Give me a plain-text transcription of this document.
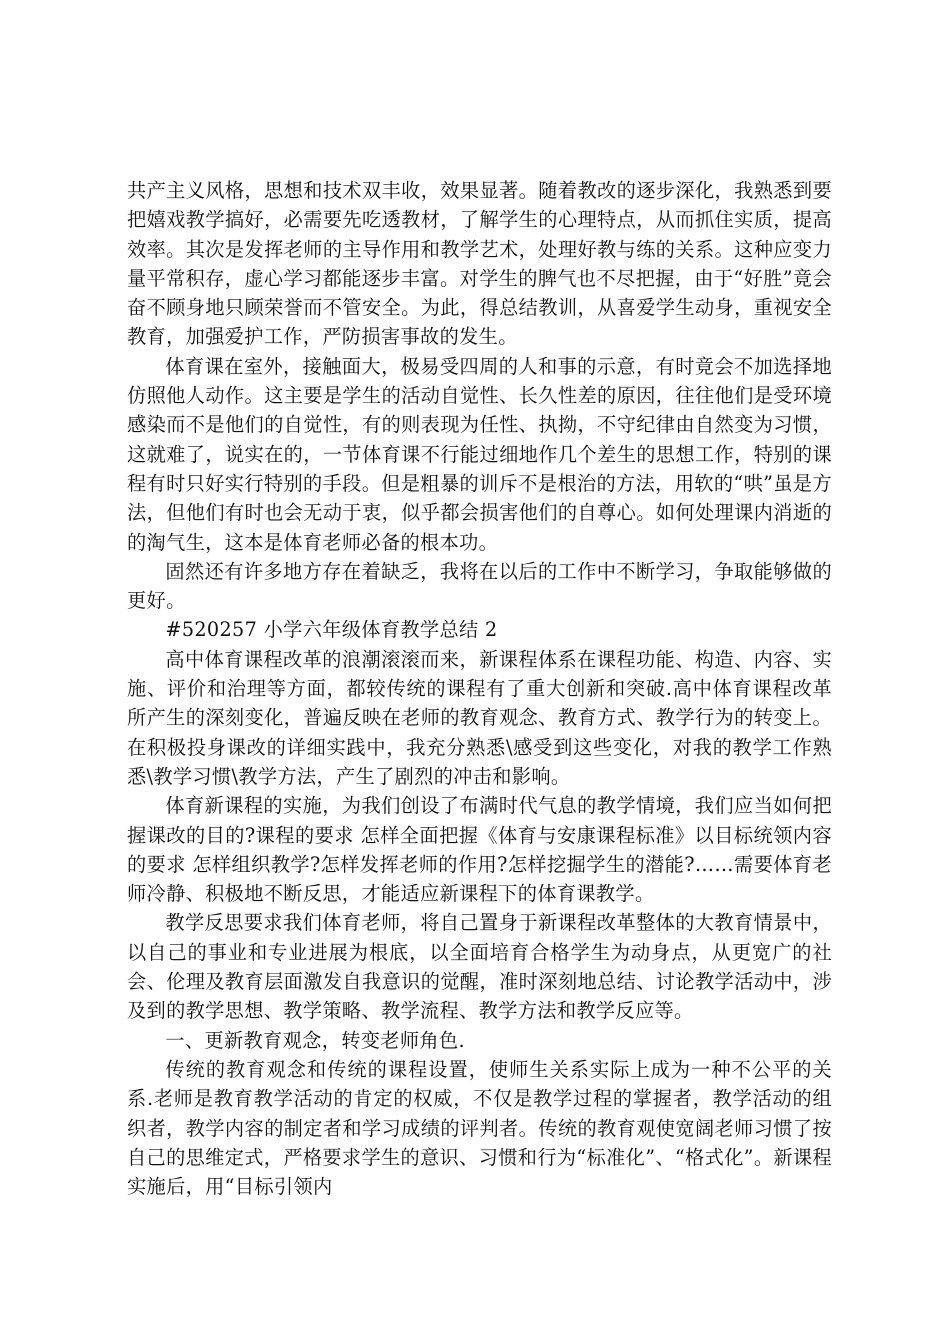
共产主义风格，思想和技术双丰收，效果显著。随着教改的逐步深化，我熟悉到要把嬉戏教学搞好，必需要先吃透教材，了解学生的心理特点，从而抓住实质，提高效率。其次是发挥老师的主导作用和教学艺术，处理好教与练的关系。这种应变力量平常积存，虚心学习都能逐步丰富。对学生的脾气也不尽把握，由于“好胜”竟会奋不顾身地只顾荣誉而不管安全。为此，得总结教训，从喜爱学生动身，重视安全教育，加强爱护工作，严防损害事故的发生。

体育课在室外，接触面大，极易受四周的人和事的示意，有时竟会不加选择地仿照他人动作。这主要是学生的活动自觉性、长久性差的原因，往往他们是受环境感染而不是他们的自觉性，有的则表现为任性、执拗，不守纪律由自然变为习惯，这就难了，说实在的，一节体育课不行能过细地作几个差生的思想工作，特别的课程有时只好实行特别的手段。但是粗暴的训斥不是根治的方法，用软的“哄”虽是方法，但他们有时也会无动于衷，似乎都会损害他们的自尊心。如何处理课内消逝的的淘气生，这本是体育老师必备的根本功。

固然还有许多地方存在着缺乏，我将在以后的工作中不断学习，争取能够做的更好。

#520257 小学六年级体育教学总结 2

高中体育课程改革的浪潮滚滚而来，新课程体系在课程功能、构造、内容、实施、评价和治理等方面，都较传统的课程有了重大创新和突破.高中体育课程改革所产生的深刻变化，普遍反映在老师的教育观念、教育方式、教学行为的转变上。在积极投身课改的详细实践中，我充分熟悉\感受到这些变化，对我的教学工作熟悉\教学习惯\教学方法，产生了剧烈的冲击和影响。

体育新课程的实施，为我们创设了布满时代气息的教学情境，我们应当如何把握课改的目的?课程的要求 怎样全面把握《体育与安康课程标准》以目标统领内容的要求 怎样组织教学?怎样发挥老师的作用?怎样挖掘学生的潜能?……需要体育老师冷静、积极地不断反思，才能适应新课程下的体育课教学。

教学反思要求我们体育老师，将自己置身于新课程改革整体的大教育情景中，以自己的事业和专业进展为根底，以全面培育合格学生为动身点，从更宽广的社会、伦理及教育层面激发自我意识的觉醒，准时深刻地总结、讨论教学活动中，涉及到的教学思想、教学策略、教学流程、教学方法和教学反应等。

一、更新教育观念，转变老师角色.

传统的教育观念和传统的课程设置，使师生关系实际上成为一种不公平的关系.老师是教育教学活动的肯定的权威，不仅是教学过程的掌握者，教学活动的组织者，教学内容的制定者和学习成绩的评判者。传统的教育观使宽阔老师习惯了按自己的思维定式，严格要求学生的意识、习惯和行为“标准化”、“格式化”。新课程实施后，用“目标引领内
